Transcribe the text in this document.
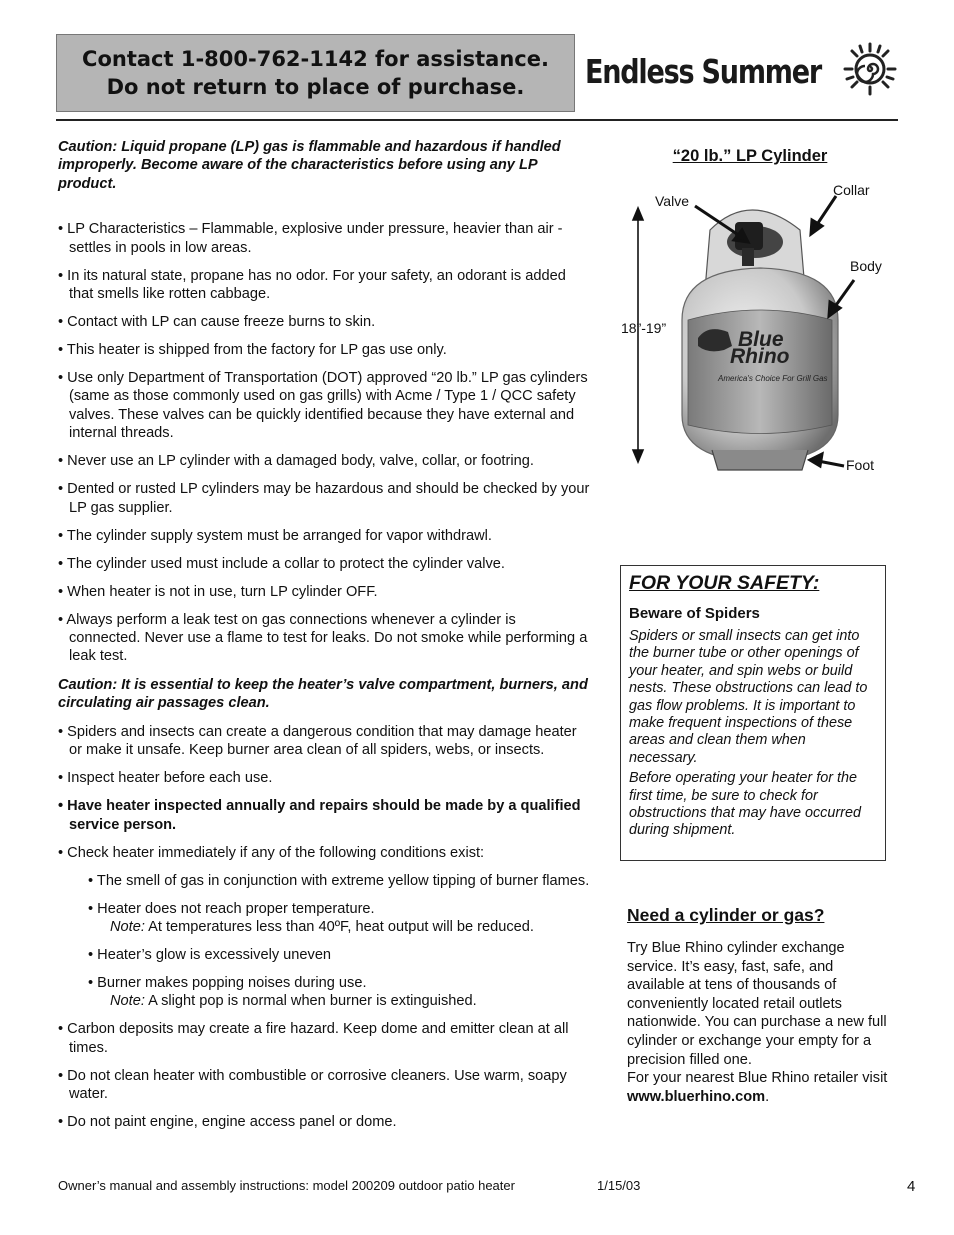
Contact 1-800-762-1142 for assistance.
Do not return to place of purchase. Endless Summer

Caution: Liquid propane (LP) gas is flammable and hazardous if handled improperly. Become aware of the characteristics before using any LP product.

• LP Characteristics – Flammable, explosive under pressure, heavier than air - settles in pools in low areas.

• In its natural state, propane has no odor. For your safety, an odorant is added that smells like rotten cabbage.

• Contact with LP can cause freeze burns to skin.

• This heater is shipped from the factory for LP gas use only.

• Use only Department of Transportation (DOT) approved “20 lb.” LP gas cylinders (same as those commonly used on gas grills) with Acme / Type 1 / QCC safety valves. These valves can be quickly identified because they have external and internal threads.

• Never use an LP cylinder with a damaged body, valve, collar, or footring.

• Dented or rusted LP cylinders may be hazardous and should be checked by your LP gas supplier.

• The cylinder supply system must be arranged for vapor withdrawl.

• The cylinder used must include a collar to protect the cylinder valve.

• When heater is not in use, turn LP cylinder OFF.

• Always perform a leak test on gas connections whenever a cylinder is connected. Never use a flame to test for leaks. Do not smoke while performing a leak test.

Caution: It is essential to keep the heater’s valve compartment, burners, and circulating air passages clean.

• Spiders and insects can create a dangerous condition that may damage heater or make it unsafe. Keep burner area clean of all spiders, webs, or insects.

• Inspect heater before each use.

• Have heater inspected annually and repairs should be made by a qualified service person.

• Check heater immediately if any of the following conditions exist:

• The smell of gas in conjunction with extreme yellow tipping of burner flames.

• Heater does not reach proper temperature.
Note: At temperatures less than 40ºF, heat output will be reduced.

• Heater’s glow is excessively uneven

• Burner makes popping noises during use.
Note: A slight pop is normal when burner is extinguished.

• Carbon deposits may create a fire hazard. Keep dome and emitter clean at all times.

• Do not clean heater with combustible or corrosive cleaners. Use warm, soapy water.

• Do not paint engine, engine access panel or dome.

“20 lb.” LP Cylinder
Blue
Rhino
America's Choice For Grill Gas
Valve
Collar
Body
18”-19”
Foot
FOR YOUR SAFETY:
Beware of Spiders

Spiders or small insects can get into the burner tube or other openings of your heater, and spin webs or build nests. These obstructions can lead to gas flow problems. It is important to make frequent inspections of these areas and clean them when necessary.

Before operating your heater for the first time, be sure to check for obstructions that may have occurred during shipment.

Need a cylinder or gas?
Try Blue Rhino cylinder exchange service. It’s easy, fast, safe, and available at tens of thousands of conveniently located retail outlets nationwide. You can purchase a new full cylinder or exchange your empty for a precision filled one.
For your nearest Blue Rhino retailer visit www.bluerhino.com.
Owner’s manual and assembly instructions: model 200209 outdoor patio heater	1/15/03	4
